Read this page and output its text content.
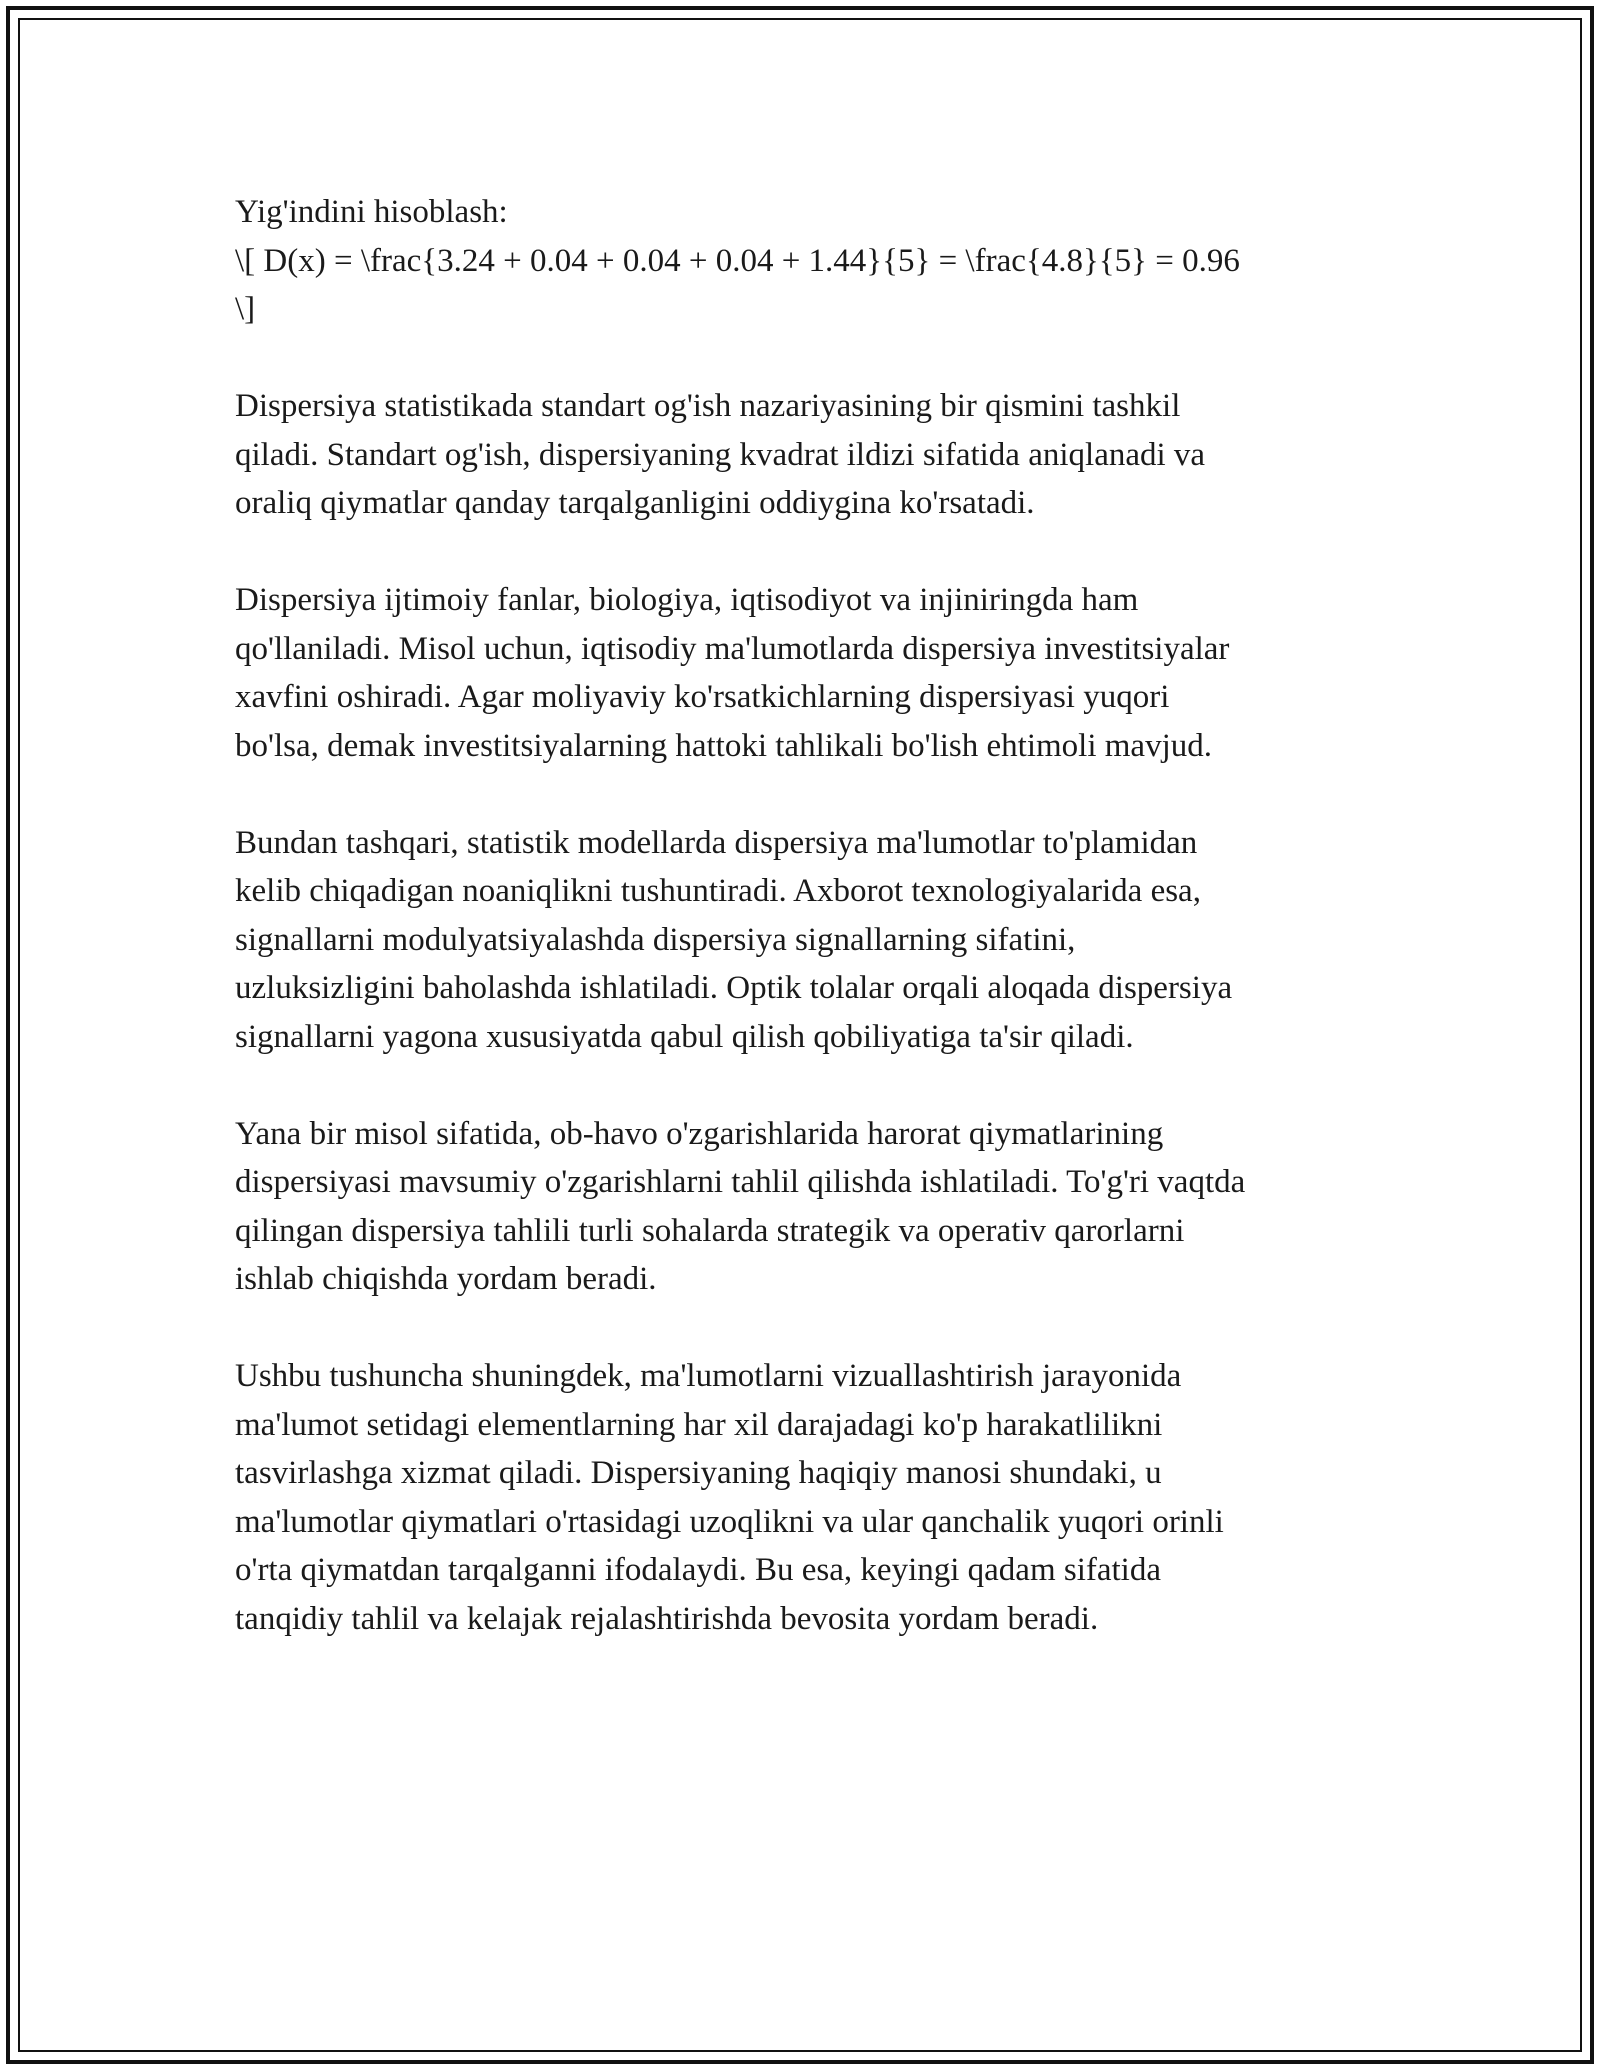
Yig'indini hisoblash:
\[ D(x) = \frac{3.24 + 0.04 + 0.04 + 0.04 + 1.44}{5} = \frac{4.8}{5} = 0.96
\]

Dispersiya statistikada standart og'ish nazariyasining bir qismini tashkil
qiladi. Standart og'ish, dispersiyaning kvadrat ildizi sifatida aniqlanadi va
oraliq qiymatlar qanday tarqalganligini oddiygina ko'rsatadi.

Dispersiya ijtimoiy fanlar, biologiya, iqtisodiyot va injiniringda ham
qo'llaniladi. Misol uchun, iqtisodiy ma'lumotlarda dispersiya investitsiyalar
xavfini oshiradi. Agar moliyaviy ko'rsatkichlarning dispersiyasi yuqori
bo'lsa, demak investitsiyalarning hattoki tahlikali bo'lish ehtimoli mavjud.

Bundan tashqari, statistik modellarda dispersiya ma'lumotlar to'plamidan
kelib chiqadigan noaniqlikni tushuntiradi. Axborot texnologiyalarida esa,
signallarni modulyatsiyalashda dispersiya signallarning sifatini,
uzluksizligini baholashda ishlatiladi. Optik tolalar orqali aloqada dispersiya
signallarni yagona xususiyatda qabul qilish qobiliyatiga ta'sir qiladi.

Yana bir misol sifatida, ob-havo o'zgarishlarida harorat qiymatlarining
dispersiyasi mavsumiy o'zgarishlarni tahlil qilishda ishlatiladi. To'g'ri vaqtda
qilingan dispersiya tahlili turli sohalarda strategik va operativ qarorlarni
ishlab chiqishda yordam beradi.

Ushbu tushuncha shuningdek, ma'lumotlarni vizuallashtirish jarayonida
ma'lumot setidagi elementlarning har xil darajadagi ko'p harakatlilikni
tasvirlashga xizmat qiladi. Dispersiyaning haqiqiy manosi shundaki, u
ma'lumotlar qiymatlari o'rtasidagi uzoqlikni va ular qanchalik yuqori orinli
o'rta qiymatdan tarqalganni ifodalaydi. Bu esa, keyingi qadam sifatida
tanqidiy tahlil va kelajak rejalashtirishda bevosita yordam beradi.
